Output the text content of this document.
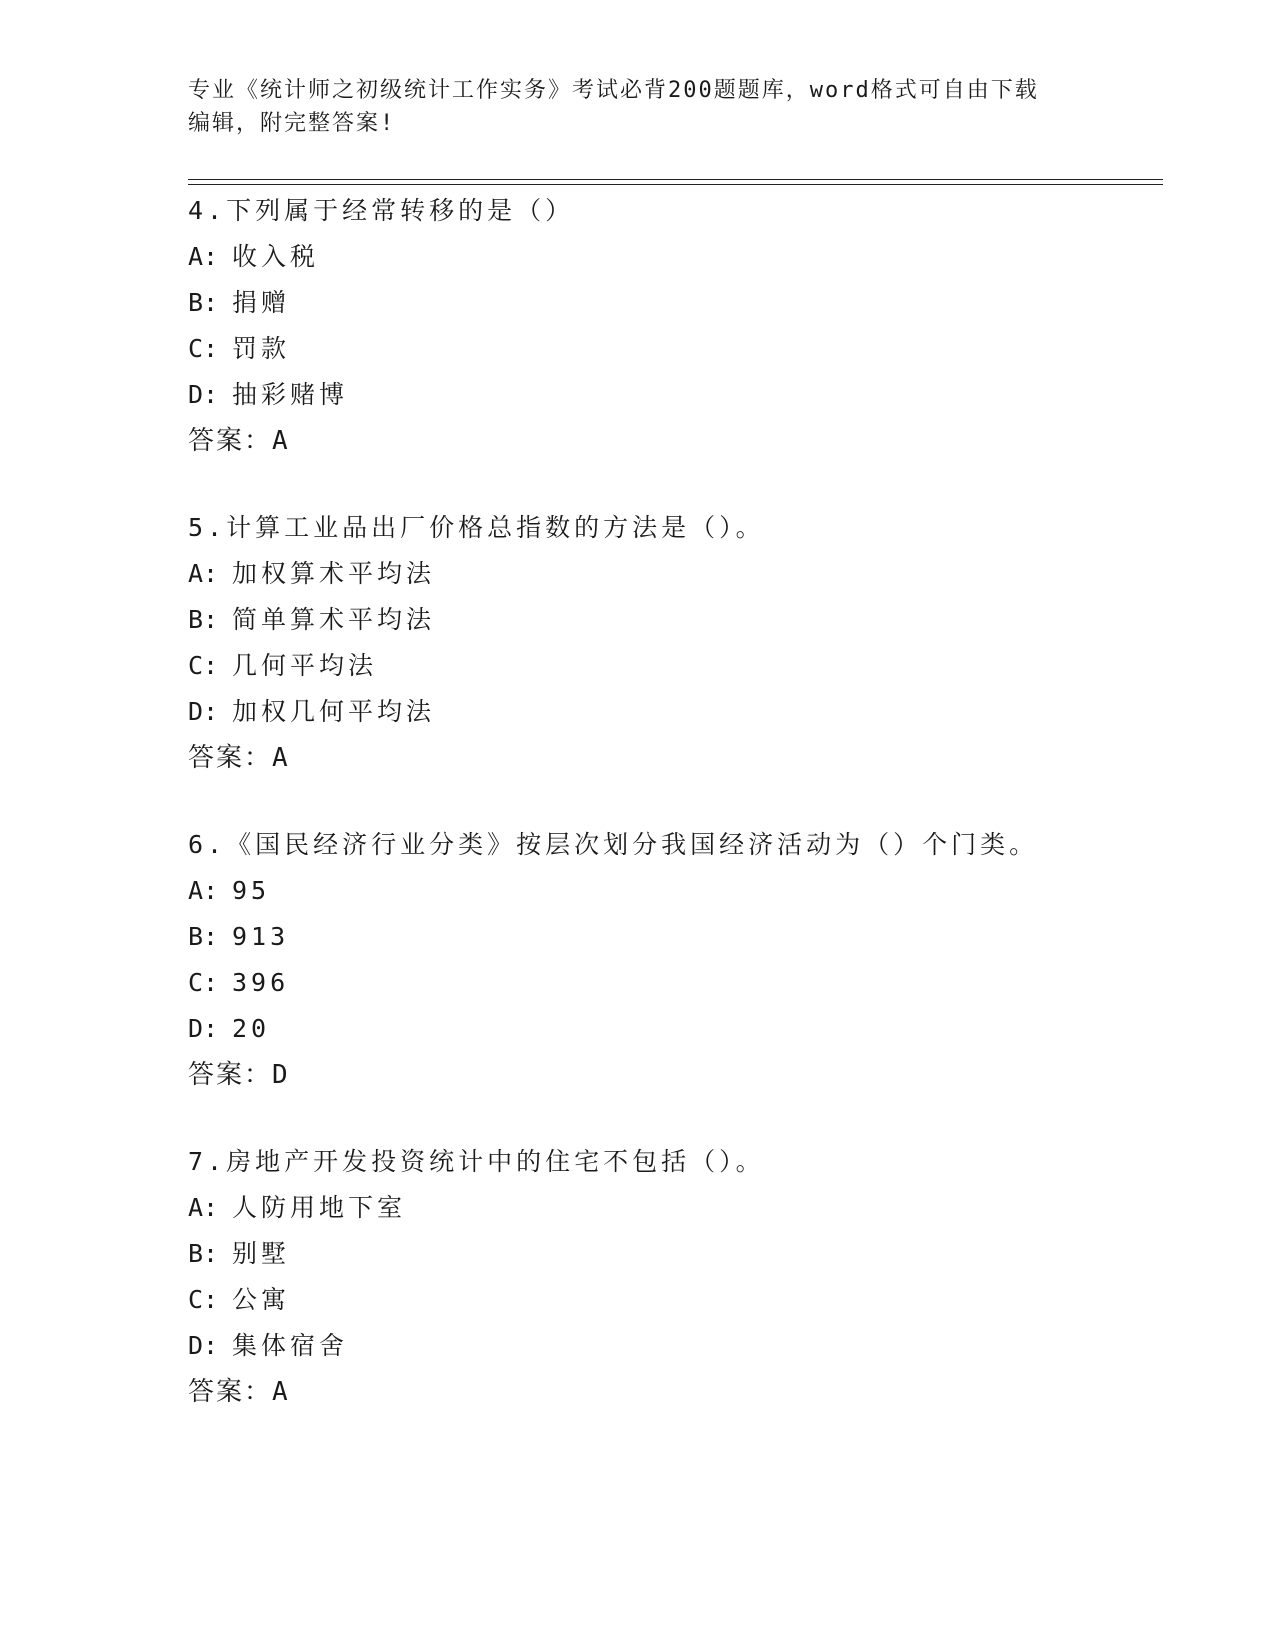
专业《统计师之初级统计工作实务》考试必背200题题库，word格式可自由下载
编辑，附完整答案!
4.下列属于经常转移的是（）
A: 收入税
B: 捐赠
C: 罚款
D: 抽彩赌博
答案：A
5.计算工业品出厂价格总指数的方法是（）。
A: 加权算术平均法
B: 简单算术平均法
C: 几何平均法
D: 加权几何平均法
答案：A
6.《国民经济行业分类》按层次划分我国经济活动为（）个门类。
A: 95
B: 913
C: 396
D: 20
答案：D
7.房地产开发投资统计中的住宅不包括（）。
A: 人防用地下室
B: 别墅
C: 公寓
D: 集体宿舍
答案：A
